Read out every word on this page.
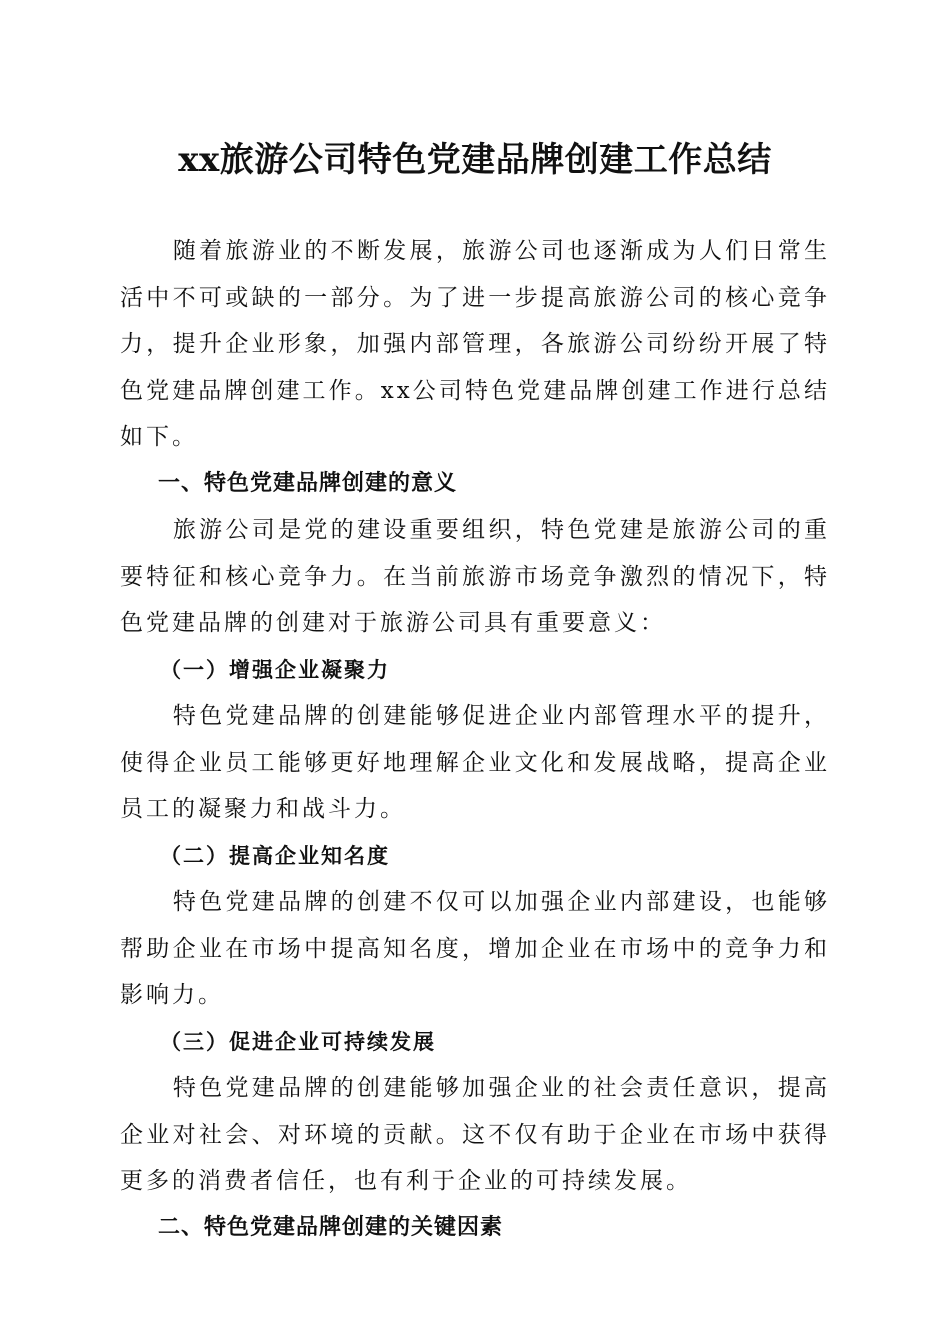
xx旅游公司特色党建品牌创建工作总结

随着旅游业的不断发展，旅游公司也逐渐成为人们日常生活中不可或缺的一部分。为了进一步提高旅游公司的核心竞争力，提升企业形象，加强内部管理，各旅游公司纷纷开展了特色党建品牌创建工作。xx公司特色党建品牌创建工作进行总结如下。

一、特色党建品牌创建的意义

旅游公司是党的建设重要组织，特色党建是旅游公司的重要特征和核心竞争力。在当前旅游市场竞争激烈的情况下，特色党建品牌的创建对于旅游公司具有重要意义：

（一）增强企业凝聚力

特色党建品牌的创建能够促进企业内部管理水平的提升，使得企业员工能够更好地理解企业文化和发展战略，提高企业员工的凝聚力和战斗力。

（二）提高企业知名度

特色党建品牌的创建不仅可以加强企业内部建设，也能够帮助企业在市场中提高知名度，增加企业在市场中的竞争力和影响力。

（三）促进企业可持续发展

特色党建品牌的创建能够加强企业的社会责任意识，提高企业对社会、对环境的贡献。这不仅有助于企业在市场中获得更多的消费者信任，也有利于企业的可持续发展。

二、特色党建品牌创建的关键因素
